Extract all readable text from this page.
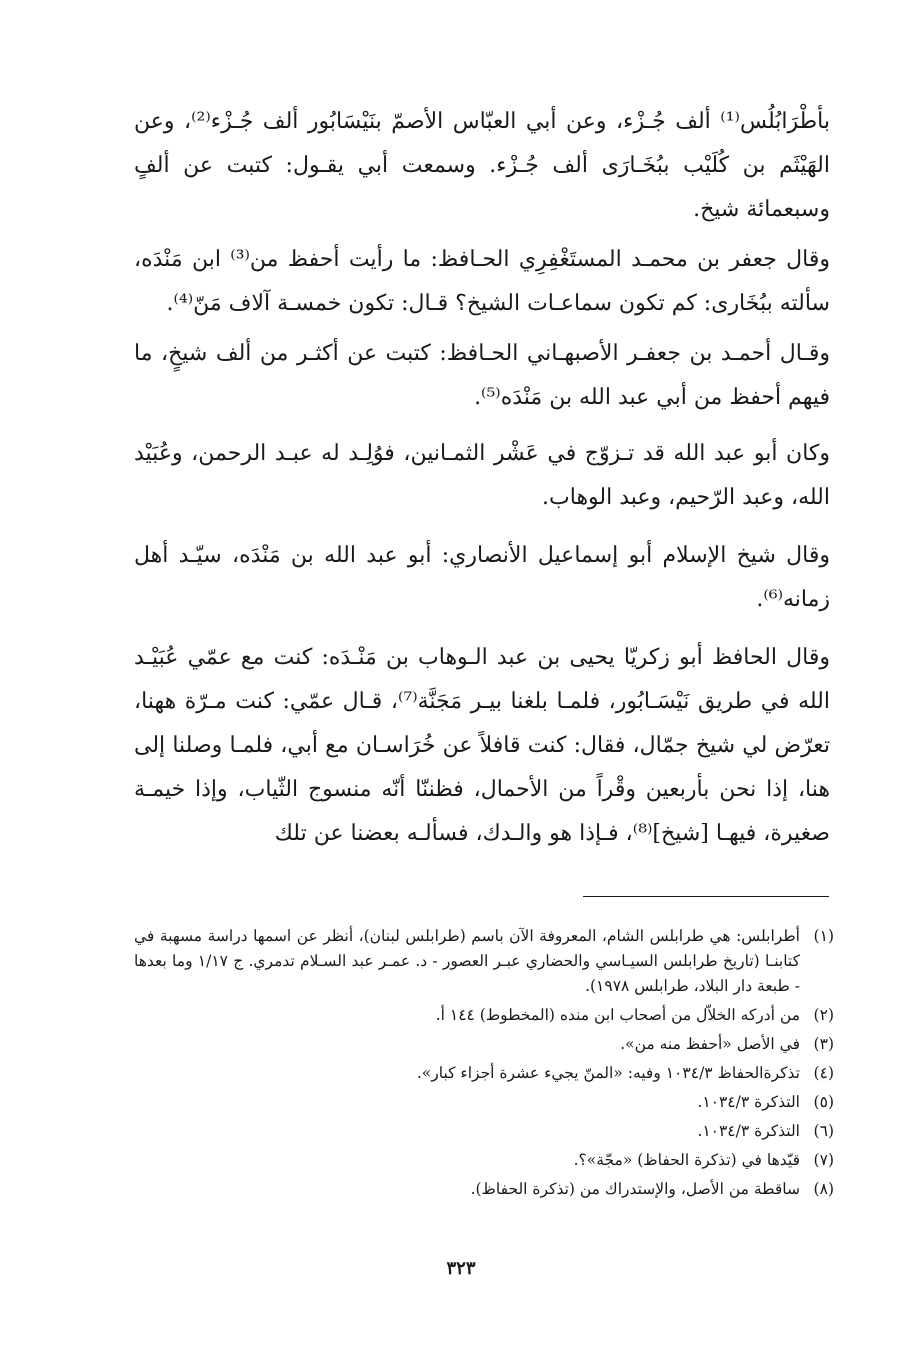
بأطْرَابُلُس⁽¹⁾ ألف جُـزْء، وعن أبي العبّاس الأصمّ بنَيْسَابُور ألف جُـزْء⁽²⁾، وعن الهَيْثَم بن كُلَيْب ببُخَـارَى ألف جُـزْء. وسمعت أبي يقـول: كتبت عن ألفٍ وسبعمائة شيخ.

وقال جعفر بن محمـد المستَغْفِرِي الحـافظ: ما رأيت أحفظ من⁽³⁾ ابن مَنْدَه، سألته ببُخَارى: كم تكون سماعـات الشيخ؟ قـال: تكون خمسـة آلاف مَنّ⁽⁴⁾.

وقـال أحمـد بن جعفـر الأصبهـاني الحـافظ: كتبت عن أكثـر من ألف شيخٍ، ما فيهم أحفظ من أبي عبد الله بن مَنْدَه⁽⁵⁾.

وكان أبو عبد الله قد تـزوّج في عَشْر الثمـانين، فوُلِـد له عبـد الرحمن، وعُبَيْد الله، وعبد الرّحيم، وعبد الوهاب.

وقال شيخ الإسلام أبو إسماعيل الأنصاري: أبو عبد الله بن مَنْدَه، سيّـد أهل زمانه⁽⁶⁾.

وقال الحافظ أبو زكريّا يحيى بن عبد الـوهاب بن مَنْـدَه: كنت مع عمّي عُبَيْـد الله في طريق نَيْسَـابُور، فلمـا بلغنا بيـر مَجَنَّة⁽⁷⁾، قـال عمّي: كنت مـرّة ههنا، تعرّض لي شيخ جمّال، فقال: كنت قافلاً عن خُرَاسـان مع أبي، فلمـا وصلنا إلى هنا، إذا نحن بأربعين وقْراً من الأحمال، فظننّا أنّه منسوج الثّياب، وإذا خيمـة صغيرة، فيهـا [شيخ]⁽⁸⁾، فـإذا هو والـدك، فسألـه بعضنا عن تلك

(١)
أطرابلس: هي طرابلس الشام، المعروفة الآن باسم (طرابلس لبنان)، أنظر عن اسمها دراسة مسهبة في كتابنـا (تاريخ طرابلس السيـاسي والحضاري عبـر العصور - د. عمـر عبد السـلام تدمري. ج ١/١٧ وما بعدها - طبعة دار البلاد، طرابلس ١٩٧٨).
(٢)
من أدركه الخلاّل من أصحاب ابن منده (المخطوط) ١٤٤ أ.
(٣)
في الأصل «أحفظ منه من».
(٤)
تذكرةالحفاظ ١٠٣٤/٣ وفيه: «المنّ يجيء عشرة أجزاء كبار».
(٥)
التذكرة ١٠٣٤/٣.
(٦)
التذكرة ١٠٣٤/٣.
(٧)
قيّدها في (تذكرة الحفاظ) «مجّة»؟.
(٨)
ساقطة من الأصل، والإستدراك من (تذكرة الحفاظ).
٣٢٣
